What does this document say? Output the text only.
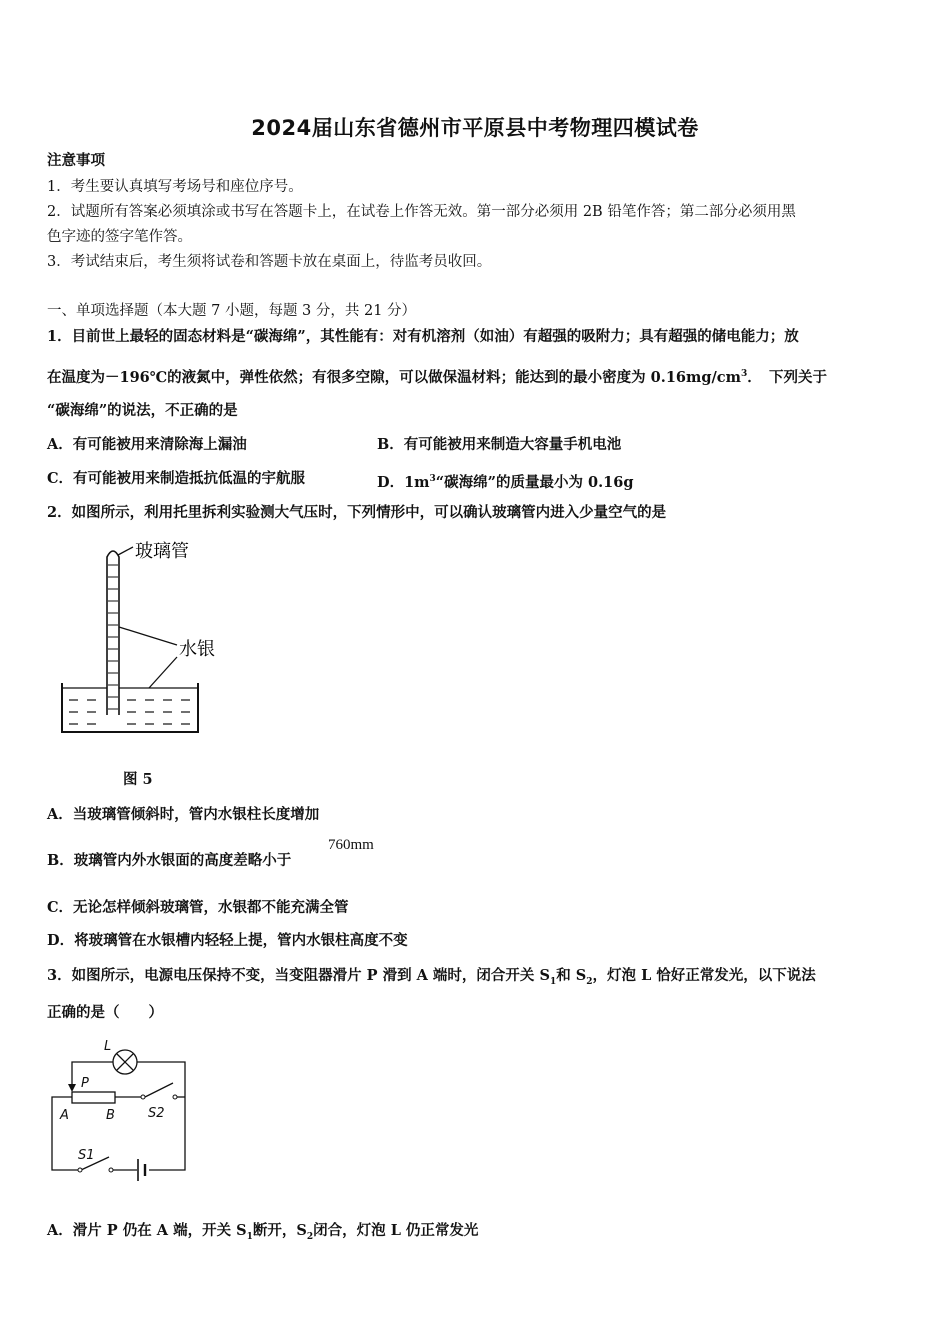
2024届山东省德州市平原县中考物理四模试卷
注意事项
1．考生要认真填写考场号和座位序号。
2．试题所有答案必须填涂或书写在答题卡上，在试卷上作答无效。第一部分必须用 2B 铅笔作答；第二部分必须用黑
色字迹的签字笔作答。
3．考试结束后，考生须将试卷和答题卡放在桌面上，待监考员收回。
一、单项选择题（本大题 7 小题，每题 3 分，共 21 分）
1．目前世上最轻的固态材料是“碳海绵”，其性能有：对有机溶剂（如油）有超强的吸附力；具有超强的储电能力；放
在温度为－196℃的液氮中，弹性依然；有很多空隙，可以做保温材料；能达到的最小密度为 $0.16mg/cm^3$．　下列关于
“碳海绵”的说法，不正确的是
A．有可能被用来清除海上漏油	B．有可能被用来制造大容量手机电池
C．有可能被用来制造抵抗低温的宇航服	D．$1m^3“$碳海绵”的质量最小为 0.16g
2．如图所示，利用托里拆利实验测大气压时，下列情形中，可以确认玻璃管内进入少量空气的是
玻璃管
水银
图 5
A．当玻璃管倾斜时，管内水银柱长度增加
B．玻璃管内外水银面的高度差略小于
760mm
C．无论怎样倾斜玻璃管，水银都不能充满全管
D．将玻璃管在水银槽内轻轻上提，管内水银柱高度不变
3．如图所示，电源电压保持不变，当变阻器滑片 P 滑到 A 端时，闭合开关 $S_1$和 $S_2$，灯泡 L 恰好正常发光，以下说法
正确的是（　　）
L
P
A	B	S2
S1
A．滑片 P 仍在 A 端，开关 $S_1$断开，$S_2$闭合，灯泡 L 仍正常发光
